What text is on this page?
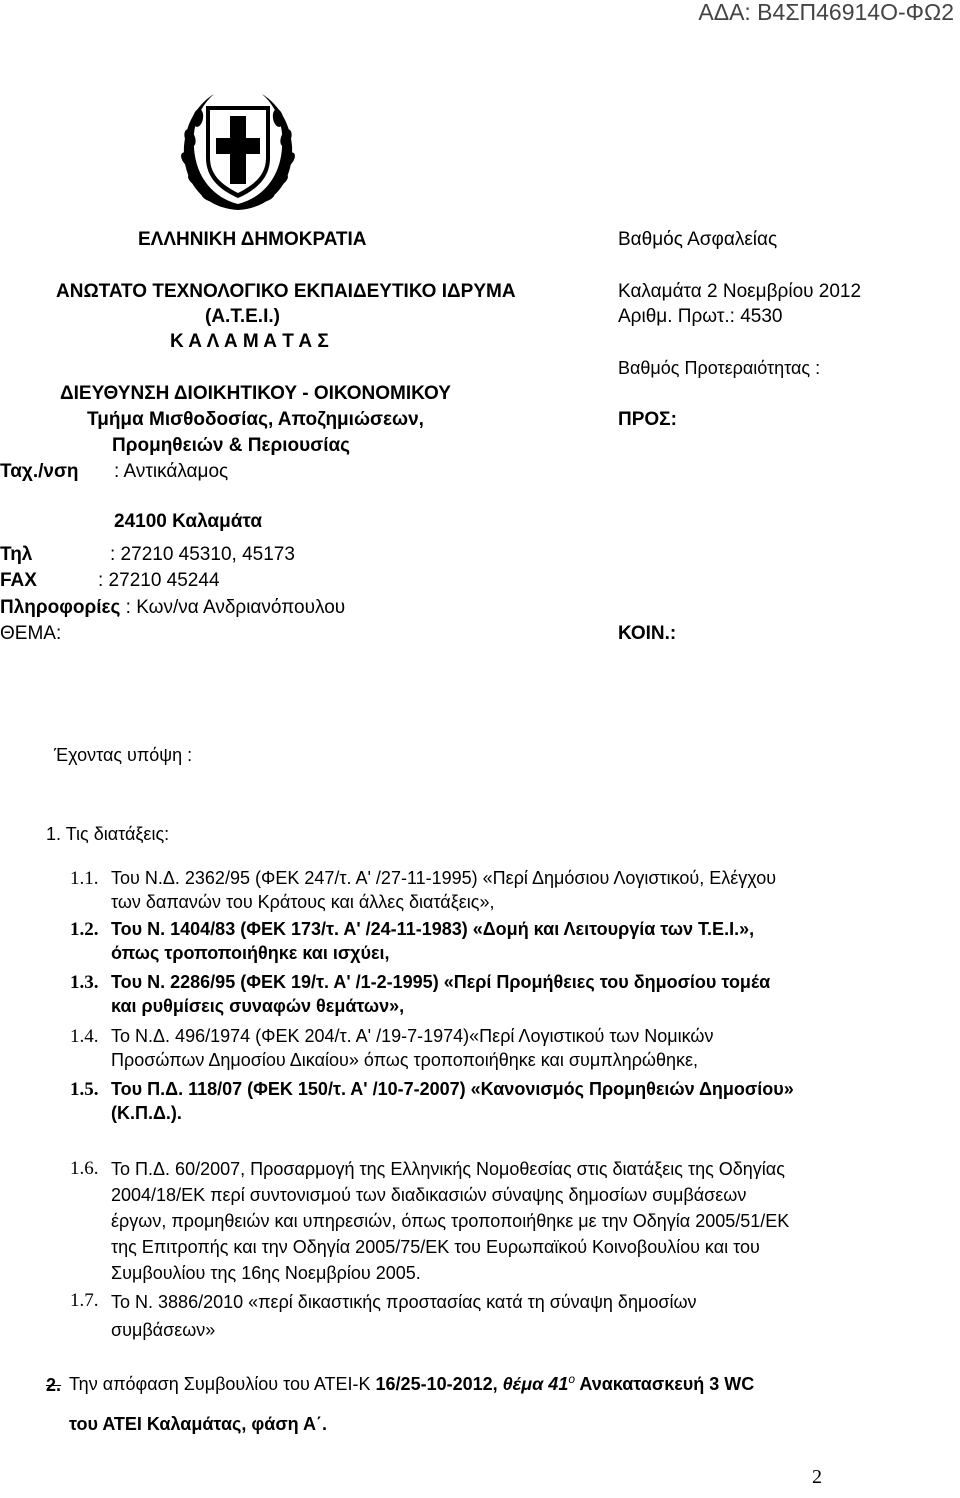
ΑΔΑ: Β4ΣΠ46914Ο-ΦΩ2
ΕΛΛΗΝΙΚΗ ΔΗΜΟΚΡΑΤΙΑ
ΑΝΩΤΑΤΟ ΤΕΧΝΟΛΟΓΙΚΟ ΕΚΠΑΙΔΕΥΤΙΚΟ ΙΔΡΥΜΑ
(Α.Τ.Ε.Ι.)
Κ Α Λ Α Μ Α Τ Α Σ
ΔΙΕΥΘΥΝΣΗ ΔΙΟΙΚΗΤΙΚΟΥ - ΟΙΚΟΝΟΜΙΚΟΥ
Τμήμα Μισθοδοσίας, Αποζημιώσεων,
Προμηθειών & Περιουσίας
Ταχ./νση : Αντικάλαμος
24100 Καλαμάτα
Τηλ	: 27210 45310, 45173
FAX	: 27210 45244
Πληροφορίες : Κων/να Ανδριανόπουλου
ΘΕΜΑ:
Βαθμός Ασφαλείας
Καλαμάτα 2 Νοεμβρίου 2012
Αριθμ. Πρωτ.: 4530
Βαθμός Προτεραιότητας :
ΠΡΟΣ:
ΚΟΙΝ.:
Έχοντας υπόψη :
1. Τις διατάξεις:
1.1. Του Ν.Δ. 2362/95 (ΦΕΚ 247/τ. Α' /27-11-1995) «Περί Δημόσιου Λογιστικού, Ελέγχου
των δαπανών του Κράτους και άλλες διατάξεις»,
1.2. Του Ν. 1404/83 (ΦΕΚ 173/τ. Α' /24-11-1983) «Δομή και Λειτουργία των Τ.Ε.Ι.»,
όπως τροποποιήθηκε και ισχύει,
1.3. Του Ν. 2286/95 (ΦΕΚ 19/τ. Α' /1-2-1995) «Περί Προμήθειες του δημοσίου τομέα
και ρυθμίσεις συναφών θεμάτων»,
1.4. Το Ν.Δ. 496/1974 (ΦΕΚ 204/τ. Α' /19-7-1974)«Περί Λογιστικού των Νομικών
Προσώπων Δημοσίου Δικαίου» όπως τροποποιήθηκε και συμπληρώθηκε,
1.5. Του Π.Δ. 118/07 (ΦΕΚ 150/τ. Α' /10-7-2007) «Κανονισμός Προμηθειών Δημοσίου»
(Κ.Π.Δ.).
1.6. Το Π.Δ. 60/2007, Προσαρμογή της Ελληνικής Νομοθεσίας στις διατάξεις της Οδηγίας
2004/18/ΕΚ περί συντονισμού των διαδικασιών σύναψης δημοσίων συμβάσεων
έργων, προμηθειών και υπηρεσιών, όπως τροποποιήθηκε με την Οδηγία 2005/51/ΕΚ
της Επιτροπής και την Οδηγία 2005/75/ΕΚ του Ευρωπαϊκού Κοινοβουλίου και του
Συμβουλίου της 16ης Νοεμβρίου 2005.
1.7. Το Ν. 3886/2010 «περί δικαστικής προστασίας κατά τη σύναψη δημοσίων
συμβάσεων»
2. Την απόφαση Συμβουλίου του ΑΤΕΙ-Κ 16/25-10-2012, θέμα $41^o$ Ανακατασκευή 3 WC
του ΑΤΕΙ Καλαμάτας, φάση Α΄.
2
